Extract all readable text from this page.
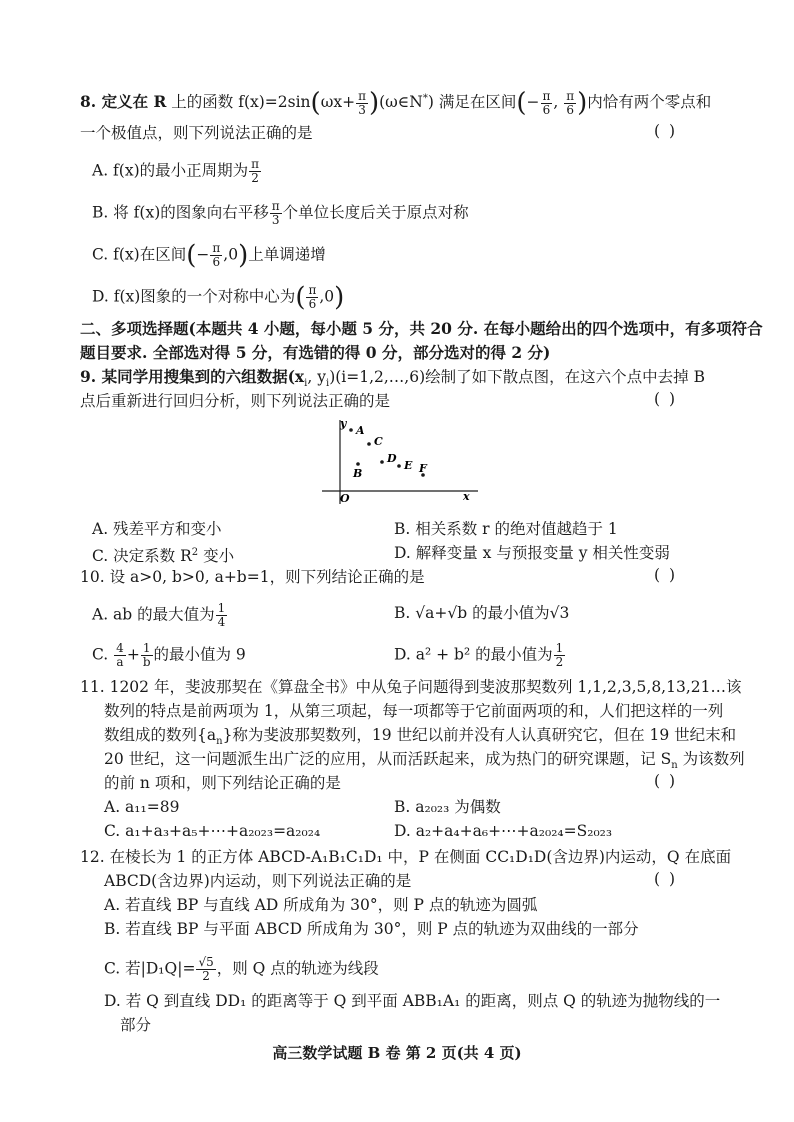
8. 定义在 R 上的函数 $f(x)=2\sin(\omega x+ \frac{\pi}{3}$ )(ω∈N*) 满足在区间(− $\frac{\pi}{6}$ , $\frac{\pi}{6}$ )内恰有两个零点和
一个极值点，则下列说法正确的是	( )
A. f(x)的最小正周期为 $\frac{\pi}{2}$
B. 将 f(x)的图象向右平移 $\frac{\pi}{3}$ 个单位长度后关于原点对称
C. f(x)在区间(− $\frac{\pi}{6} ,0$)上单调递增
D. f(x)图象的一个对称中心为( $\frac{\pi}{6} ,0$)
二、多项选择题(本题共 4 小题，每小题 5 分，共 20 分. 在每小题给出的四个选项中，有多项符合
题目要求. 全部选对得 5 分，有选错的得 0 分，部分选对的得 2 分)
9. 某同学用搜集到的六组数据($x_i$, $y_i)(i=1,2,\dots,6)$绘制了如下散点图，在这六个点中去掉 B
点后重新进行回归分析，则下列说法正确的是	( )
y
x
O
A
B
C
D
E F
A. 残差平方和变小	B. 相关系数 r 的绝对值越趋于 1
C. 决定系数 $R^2$ 变小	D. 解释变量 x 与预报变量 y 相关性变弱
10. 设 a>0, b>0, a+b=1，则下列结论正确的是	( )
A. ab 的最大值为 $\frac{1}{4}$	B. √a+√b 的最小值为√3
C. $\frac{4}{a} + \frac{1}{b}$ 的最小值为 9	D. a² + b² 的最小值为 $\frac{1}{2}$
11. 1202 年，斐波那契在《算盘全书》中从兔子问题得到斐波那契数列 1,1,2,3,5,8,13,21…该
数列的特点是前两项为 1，从第三项起，每一项都等于它前面两项的和，人们把这样的一列
数组成的数列$\{a_n\}$称为斐波那契数列，19 世纪以前并没有人认真研究它，但在 19 世纪末和
20 世纪，这一问题派生出广泛的应用，从而活跃起来，成为热门的研究课题，记 $S_n$ 为该数列
的前 n 项和，则下列结论正确的是	( )
A. a₁₁=89	B. a₂₀₂₃ 为偶数
C. a₁+a₃+a₅+⋯+a₂₀₂₃=a₂₀₂₄	D. a₂+a₄+a₆+⋯+a₂₀₂₄=S₂₀₂₃
12. 在棱长为 1 的正方体 ABCD-A₁B₁C₁D₁ 中，P 在侧面 CC₁D₁D(含边界)内运动，Q 在底面
ABCD(含边界)内运动，则下列说法正确的是	( )
A. 若直线 BP 与直线 AD 所成角为 30°，则 P 点的轨迹为圆弧
B. 若直线 BP 与平面 ABCD 所成角为 30°，则 P 点的轨迹为双曲线的一部分
C. 若$|D_1Q|= \frac{√5}{2}$ ，则 Q 点的轨迹为线段
D. 若 Q 到直线 DD₁ 的距离等于 Q 到平面 ABB₁A₁ 的距离，则点 Q 的轨迹为抛物线的一
部分
高三数学试题 B 卷 第 2 页(共 4 页)
